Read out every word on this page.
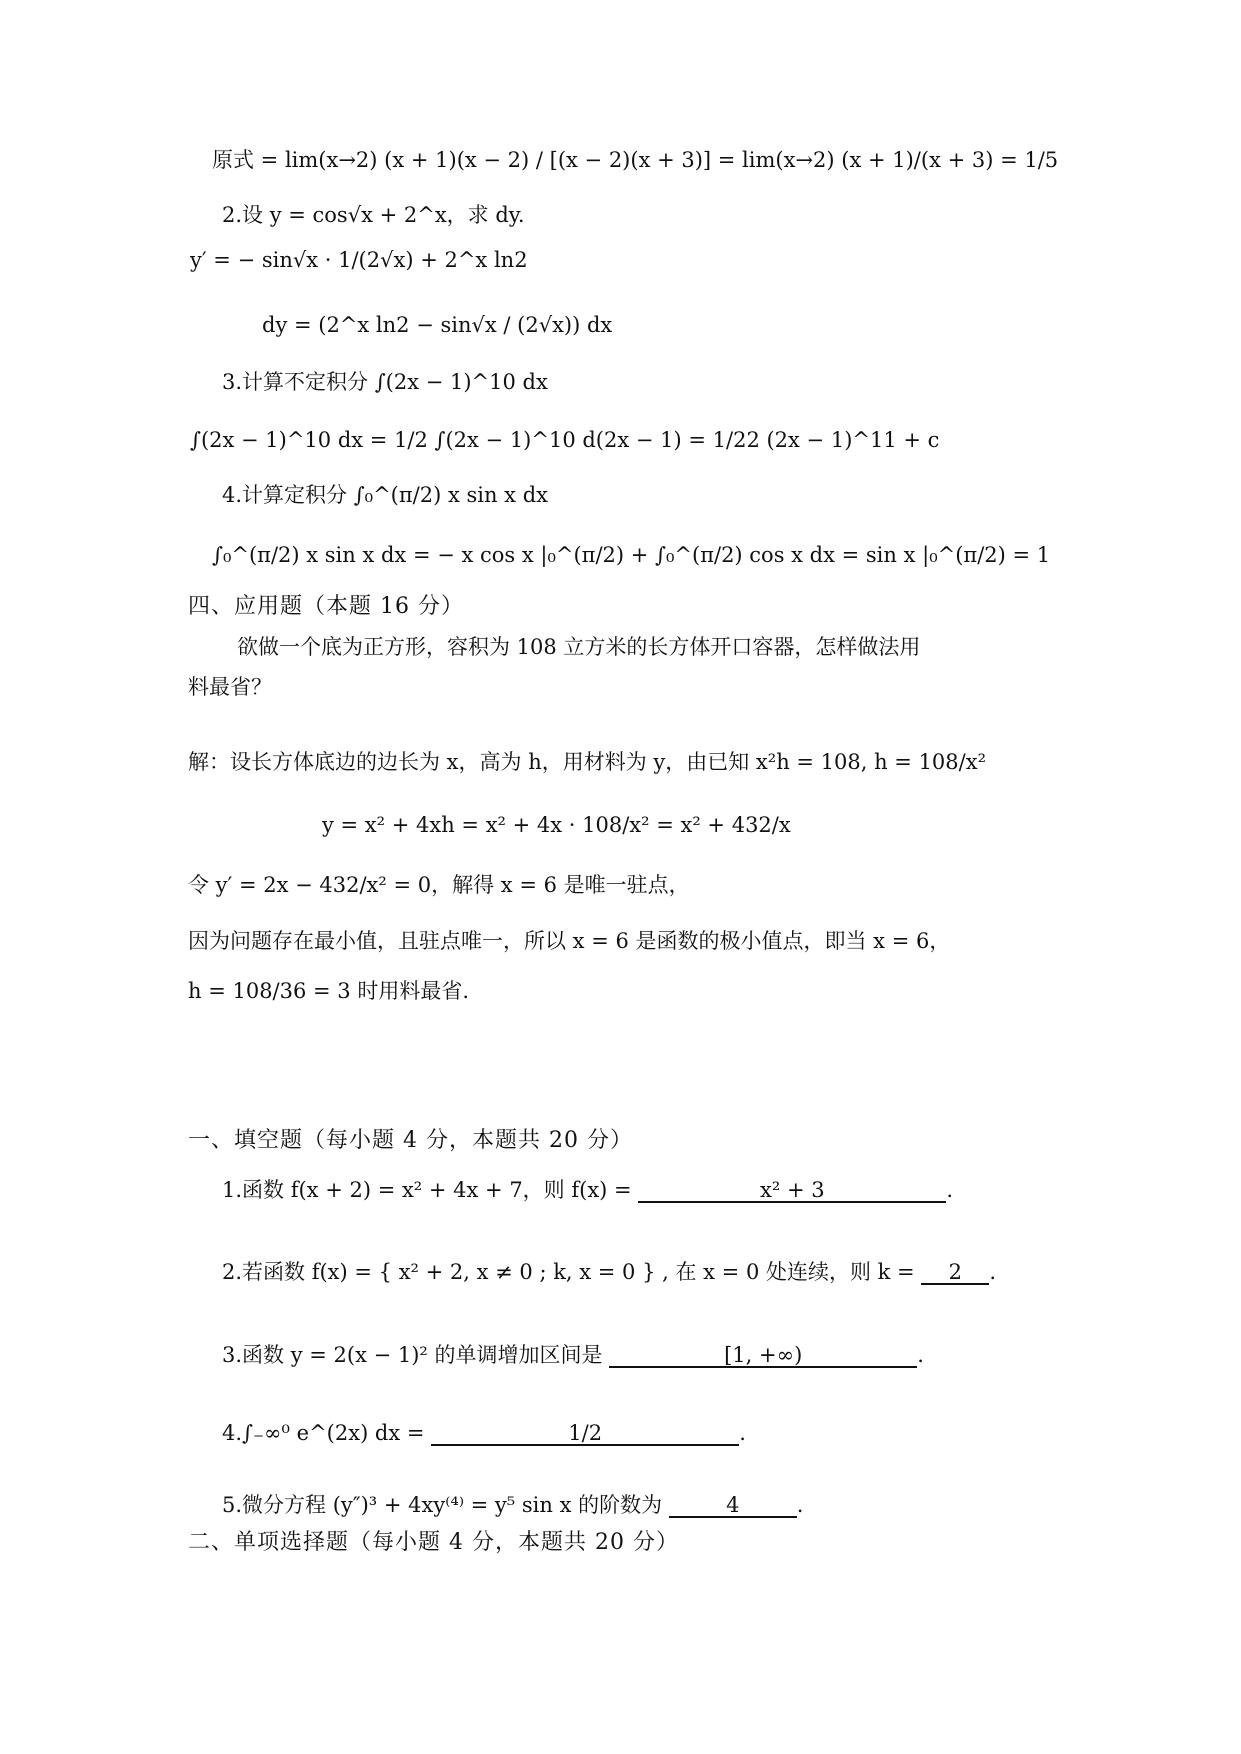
原式 = lim(x→2) (x + 1)(x − 2) / [(x − 2)(x + 3)] = lim(x→2) (x + 1)/(x + 3) = 1/5
2.设 y = cos√x + 2^x，求 dy.
y′ = − sin√x · 1/(2√x) + 2^x ln2
dy = (2^x ln2 − sin√x / (2√x)) dx
3.计算不定积分 ∫(2x − 1)^10 dx
∫(2x − 1)^10 dx = 1/2 ∫(2x − 1)^10 d(2x − 1) = 1/22 (2x − 1)^11 + c
4.计算定积分 ∫₀^(π/2) x sin x dx
∫₀^(π/2) x sin x dx = − x cos x |₀^(π/2) + ∫₀^(π/2) cos x dx = sin x |₀^(π/2) = 1
四、应用题（本题 16 分）
欲做一个底为正方形，容积为 108 立方米的长方体开口容器，怎样做法用
料最省？
解：设长方体底边的边长为 x，高为 h，用材料为 y，由已知 x²h = 108, h = 108/x²
y = x² + 4xh = x² + 4x · 108/x² = x² + 432/x
令 y′ = 2x − 432/x² = 0，解得 x = 6 是唯一驻点，
因为问题存在最小值，且驻点唯一，所以 x = 6 是函数的极小值点，即当 x = 6，
h = 108/36 = 3 时用料最省.
一、填空题（每小题 4 分，本题共 20 分）
1.函数 f(x + 2) = x² + 4x + 7，则 f(x) =	x² + 3	.
2.若函数 f(x) = { x² + 2, x ≠ 0 ; k, x = 0 } , 在 x = 0 处连续，则 k = 2 .
3.函数 y = 2(x − 1)² 的单调增加区间是	[1, +∞)	.
4.∫₋∞⁰ e^(2x) dx =	1/2	.
5.微分方程 (y″)³ + 4xy⁽⁴⁾ = y⁵ sin x 的阶数为	4	.
二、单项选择题（每小题 4 分，本题共 20 分）
